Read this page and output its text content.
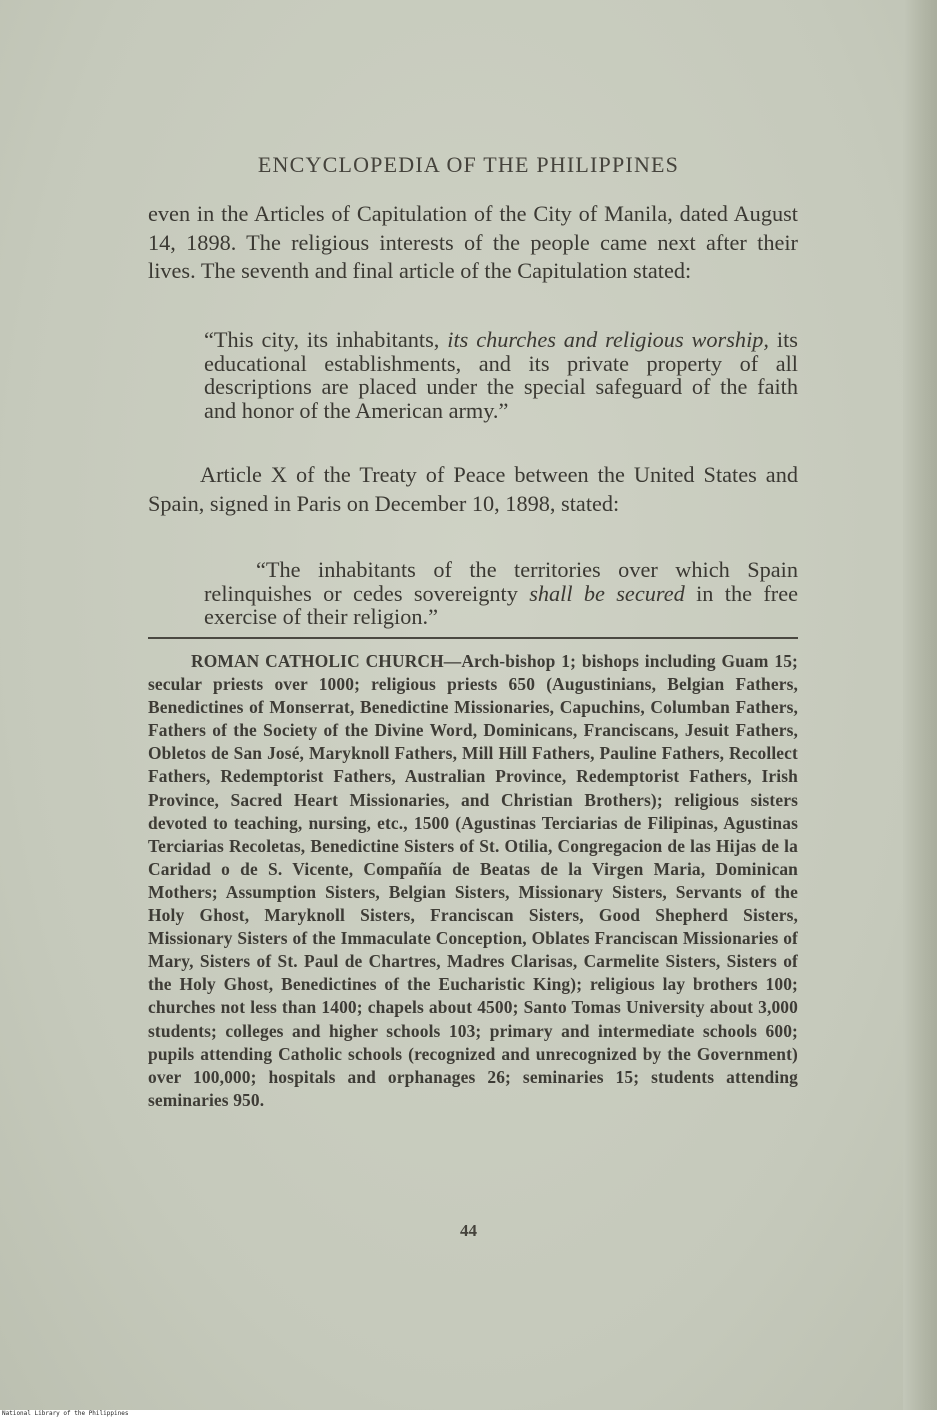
ENCYCLOPEDIA OF THE PHILIPPINES
even in the Articles of Capitulation of the City of Manila, dated August 14, 1898. The religious interests of the people came next after their lives. The seventh and final article of the Capitulation stated:
“This city, its inhabitants, its churches and religious worship, its educational establishments, and its private property of all descriptions are placed under the special safeguard of the faith and honor of the American army.”
Article X of the Treaty of Peace between the United States and Spain, signed in Paris on December 10, 1898, stated:
“The inhabitants of the territories over which Spain relinquishes or cedes sovereignty shall be secured in the free exercise of their religion.”
ROMAN CATHOLIC CHURCH—Arch-bishop 1; bishops including Guam 15; secular priests over 1000; religious priests 650 (Augustinians, Belgian Fathers, Benedictines of Monserrat, Benedictine Missionaries, Capuchins, Columban Fathers, Fathers of the Society of the Divine Word, Dominicans, Franciscans, Jesuit Fathers, Obletos de San José, Maryknoll Fathers, Mill Hill Fathers, Pauline Fathers, Recollect Fathers, Redemptorist Fathers, Australian Province, Redemptorist Fathers, Irish Province, Sacred Heart Missionaries, and Christian Brothers); religious sisters devoted to teaching, nursing, etc., 1500 (Agustinas Terciarias de Filipinas, Agustinas Terciarias Recoletas, Benedictine Sisters of St. Otilia, Congregacion de las Hijas de la Caridad o de S. Vicente, Compañía de Beatas de la Virgen Maria, Dominican Mothers; Assumption Sisters, Belgian Sisters, Missionary Sisters, Servants of the Holy Ghost, Maryknoll Sisters, Franciscan Sisters, Good Shepherd Sisters, Missionary Sisters of the Immaculate Conception, Oblates Franciscan Missionaries of Mary, Sisters of St. Paul de Chartres, Madres Clarisas, Carmelite Sisters, Sisters of the Holy Ghost, Benedictines of the Eucharistic King); religious lay brothers 100; churches not less than 1400; chapels about 4500; Santo Tomas University about 3,000 students; colleges and higher schools 103; primary and intermediate schools 600; pupils attending Catholic schools (recognized and unrecognized by the Government) over 100,000; hospitals and orphanages 26; seminaries 15; students attending seminaries 950.
44
National Library of the Philippines
